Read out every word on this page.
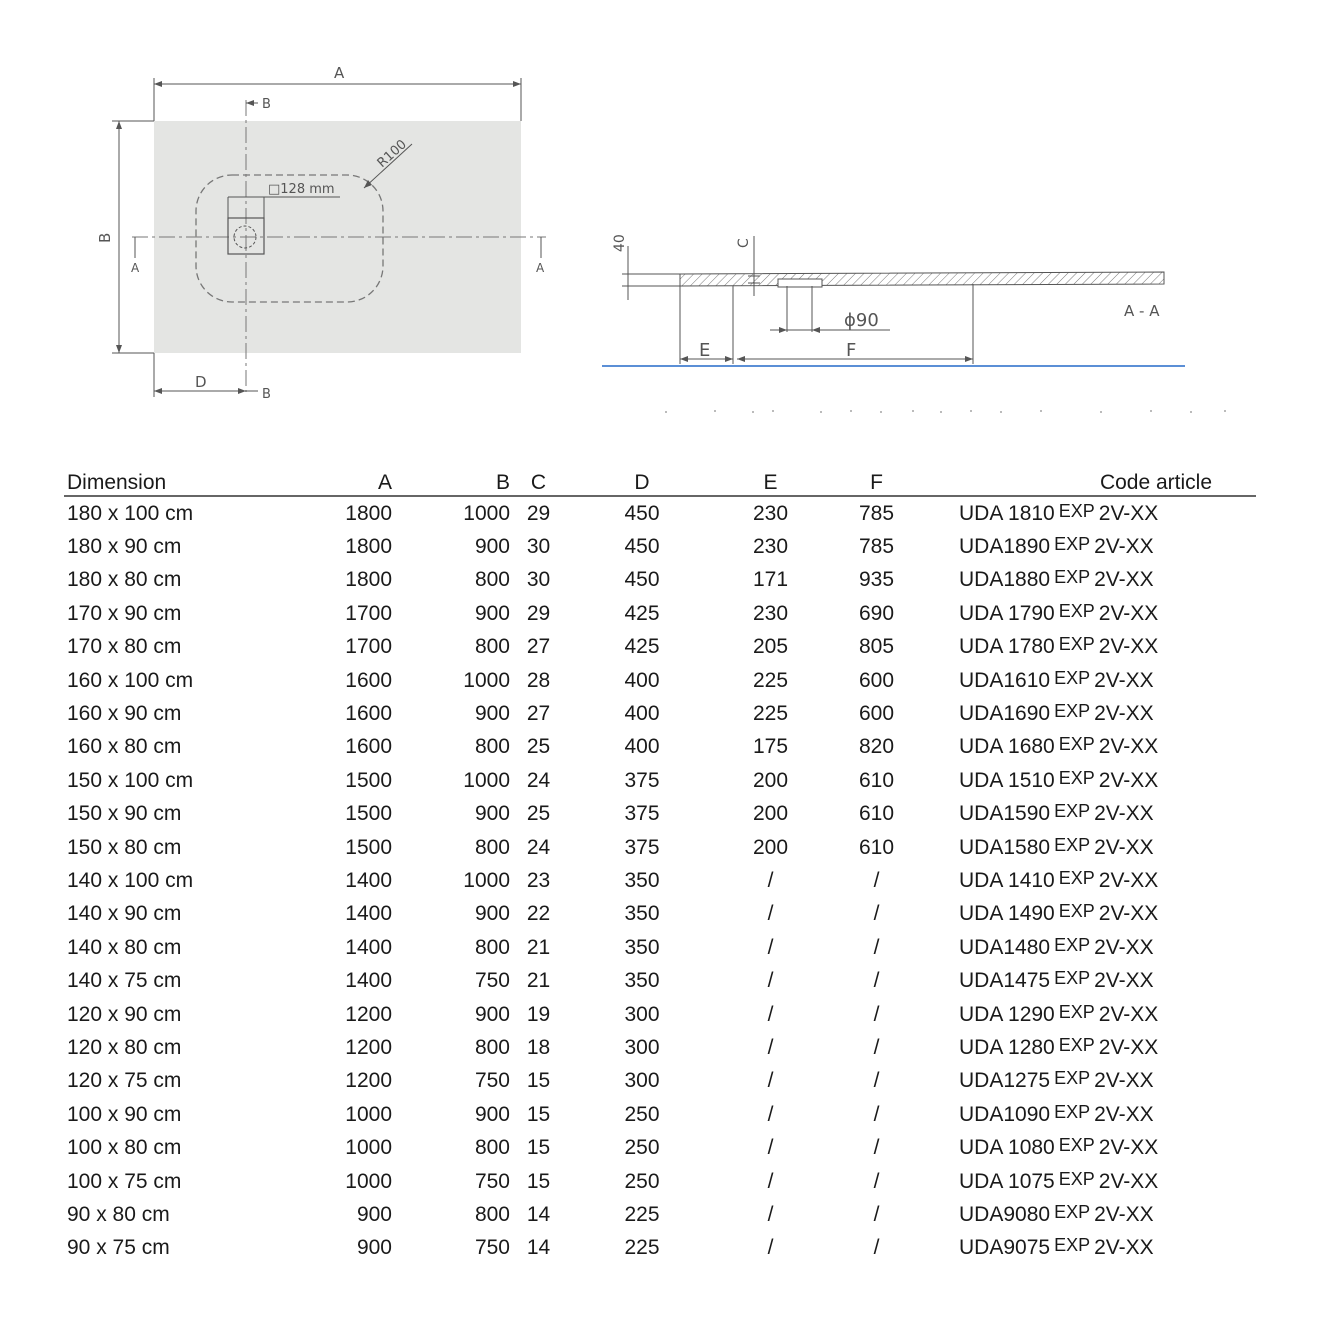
A
B
B
B
A	A
□128 mm
R100
D
40	C
ϕ90
E	F
A - A
Dimension	A	B	C	D	E	F	Code article
180 x 100 cm	1800	1000	29	450	230	785	UDA 1810 EXP 2V-XX
180 x 90 cm	1800	900	30	450	230	785	UDA1890 EXP 2V-XX
180 x 80 cm	1800	800	30	450	171	935	UDA1880 EXP 2V-XX
170 x 90 cm	1700	900	29	425	230	690	UDA 1790 EXP 2V-XX
170 x 80 cm	1700	800	27	425	205	805	UDA 1780 EXP 2V-XX
160 x 100 cm	1600	1000	28	400	225	600	UDA1610 EXP 2V-XX
160 x 90 cm	1600	900	27	400	225	600	UDA1690 EXP 2V-XX
160 x 80 cm	1600	800	25	400	175	820	UDA 1680 EXP 2V-XX
150 x 100 cm	1500	1000	24	375	200	610	UDA 1510 EXP 2V-XX
150 x 90 cm	1500	900	25	375	200	610	UDA1590 EXP 2V-XX
150 x 80 cm	1500	800	24	375	200	610	UDA1580 EXP 2V-XX
140 x 100 cm	1400	1000	23	350	/	/	UDA 1410 EXP 2V-XX
140 x 90 cm	1400	900	22	350	/	/	UDA 1490 EXP 2V-XX
140 x 80 cm	1400	800	21	350	/	/	UDA1480 EXP 2V-XX
140 x 75 cm	1400	750	21	350	/	/	UDA1475 EXP 2V-XX
120 x 90 cm	1200	900	19	300	/	/	UDA 1290 EXP 2V-XX
120 x 80 cm	1200	800	18	300	/	/	UDA 1280 EXP 2V-XX
120 x 75 cm	1200	750	15	300	/	/	UDA1275 EXP 2V-XX
100 x 90 cm	1000	900	15	250	/	/	UDA1090 EXP 2V-XX
100 x 80 cm	1000	800	15	250	/	/	UDA 1080 EXP 2V-XX
100 x 75 cm	1000	750	15	250	/	/	UDA 1075 EXP 2V-XX
90 x 80 cm	900	800	14	225	/	/	UDA9080 EXP 2V-XX
90 x 75 cm	900	750	14	225	/	/	UDA9075 EXP 2V-XX
